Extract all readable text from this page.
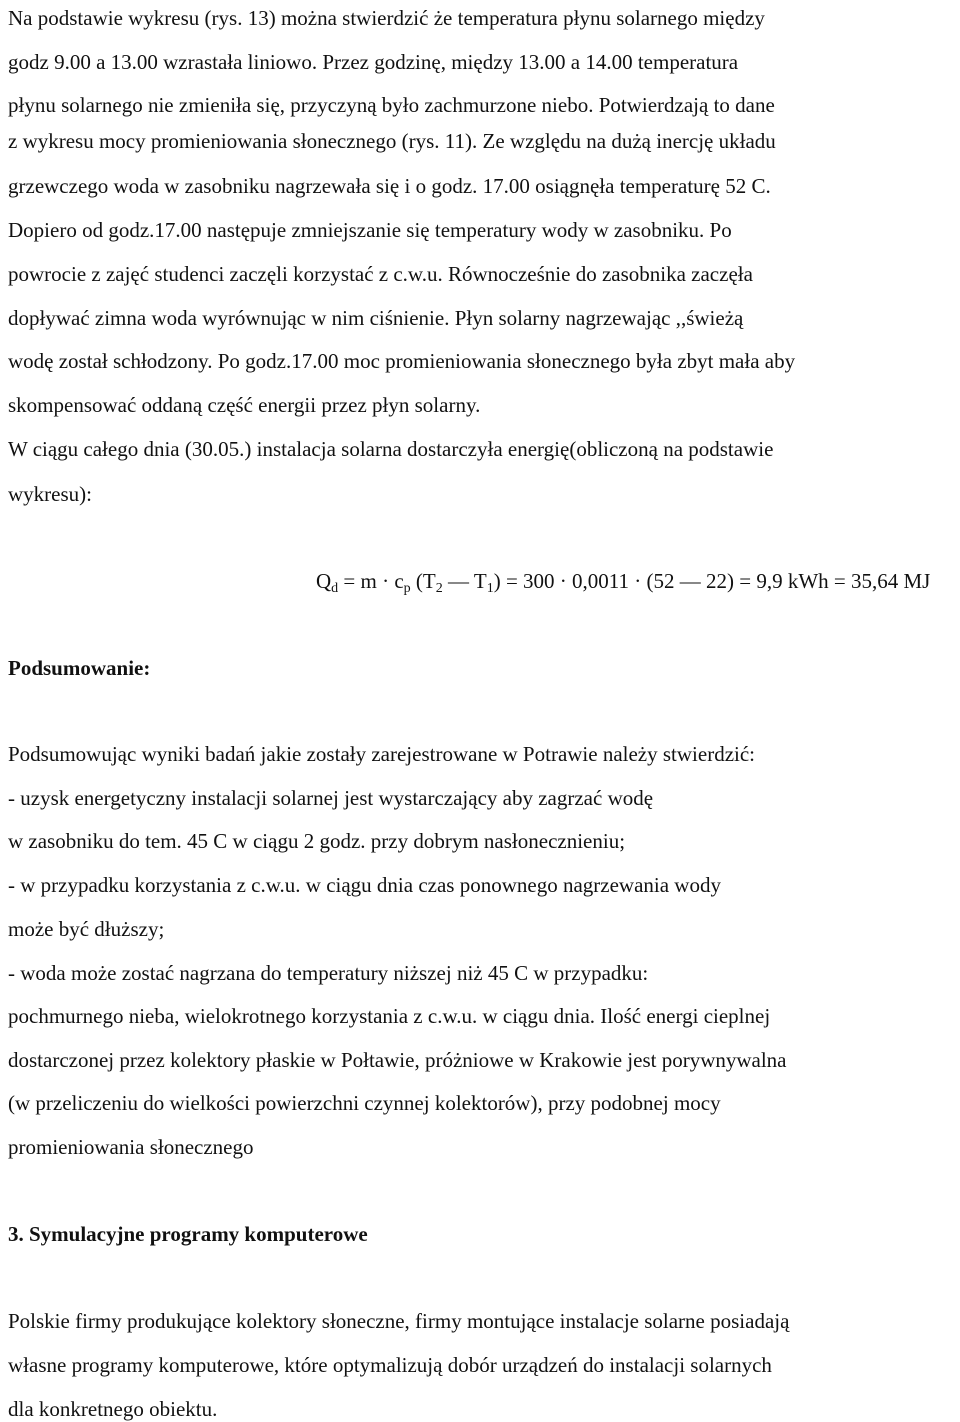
Na podstawie wykresu (rys. 13) można stwierdzić że temperatura płynu solarnego między
godz 9.00 a 13.00 wzrastała liniowo. Przez godzinę, między 13.00 a 14.00 temperatura
płynu solarnego nie zmieniła się, przyczyną było zachmurzone niebo. Potwierdzają to dane
z wykresu mocy promieniowania słonecznego (rys. 11). Ze względu na dużą inercję układu
grzewczego woda w zasobniku nagrzewała się i o godz. 17.00 osiągnęła temperaturę 52 C.
Dopiero od godz.17.00 następuje zmniejszanie się temperatury wody w zasobniku. Po
powrocie z zajęć studenci zaczęli korzystać z c.w.u. Równocześnie do zasobnika zaczęła
dopływać zimna woda wyrównując w nim ciśnienie. Płyn solarny nagrzewając ,,świeżą
wodę został schłodzony. Po godz.17.00 moc promieniowania słonecznego była zbyt mała aby
skompensować oddaną część energii przez płyn solarny.
W ciągu całego dnia (30.05.) instalacja solarna dostarczyła energię(obliczoną na podstawie
wykresu):
$Q_d = m \cdot c_p$ ($T_2$ — $T_1) = 300 \cdot 0,0011 \cdot (52$ — 22) = 9,9 kWh = 35,64 MJ
Podsumowanie:
Podsumowując wyniki badań jakie zostały zarejestrowane w Potrawie należy stwierdzić:
- uzysk energetyczny instalacji solarnej jest wystarczający aby zagrzać wodę
w zasobniku do tem. 45 C w ciągu 2 godz. przy dobrym nasłonecznieniu;
- w przypadku korzystania z c.w.u. w ciągu dnia czas ponownego nagrzewania wody
może być dłuższy;
- woda może zostać nagrzana do temperatury niższej niż 45 C w przypadku:
pochmurnego nieba, wielokrotnego korzystania z c.w.u. w ciągu dnia. Ilość energi cieplnej
dostarczonej przez kolektory płaskie w Połtawie, próżniowe w Krakowie jest porywnywalna
(w przeliczeniu do wielkości powierzchni czynnej kolektorów), przy podobnej mocy
promieniowania słonecznego
3. Symulacyjne programy komputerowe
Polskie firmy produkujące kolektory słoneczne, firmy montujące instalacje solarne posiadają
własne programy komputerowe, które optymalizują dobór urządzeń do instalacji solarnych
dla konkretnego obiektu.
